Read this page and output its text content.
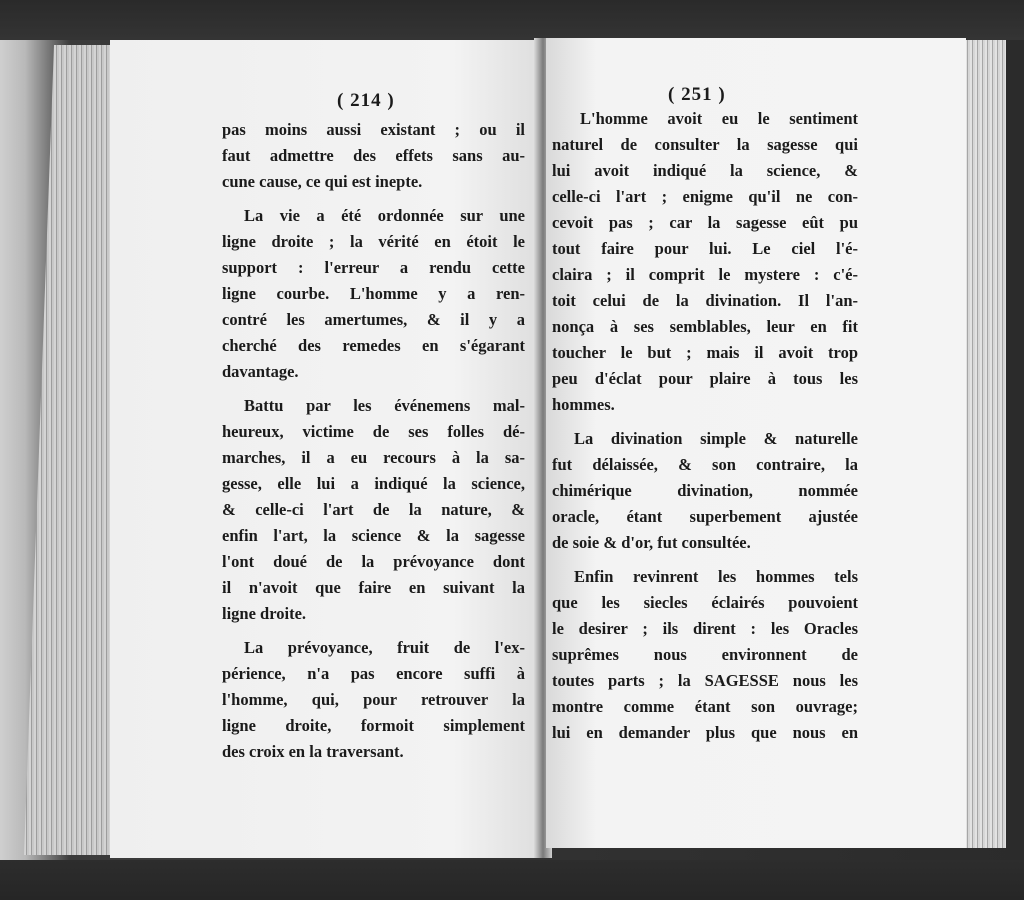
( 214 )
pas moins aussi existant ; ou il
faut admettre des effets sans au-
cune cause, ce qui est inepte.
La vie a été ordonnée sur une
ligne droite ; la vérité en étoit le
support : l'erreur a rendu cette
ligne courbe. L'homme y a ren-
contré les amertumes, & il y a
cherché des remedes en s'égarant
davantage.
Battu par les événemens mal-
heureux, victime de ses folles dé-
marches, il a eu recours à la sa-
gesse, elle lui a indiqué la science,
& celle-ci l'art de la nature, &
enfin l'art, la science & la sagesse
l'ont doué de la prévoyance dont
il n'avoit que faire en suivant la
ligne droite.
La prévoyance, fruit de l'ex-
périence, n'a pas encore suffi à
l'homme, qui, pour retrouver la
ligne droite, formoit simplement
des croix en la traversant.
( 251 )
L'homme avoit eu le sentiment
naturel de consulter la sagesse qui
lui avoit indiqué la science, &
celle-ci l'art ; enigme qu'il ne con-
cevoit pas ; car la sagesse eût pu
tout faire pour lui. Le ciel l'é-
claira ; il comprit le mystere : c'é-
toit celui de la divination. Il l'an-
nonça à ses semblables, leur en fit
toucher le but ; mais il avoit trop
peu d'éclat pour plaire à tous les
hommes.
La divination simple & naturelle
fut délaissée, & son contraire, la
chimérique divination, nommée
oracle, étant superbement ajustée
de soie & d'or, fut consultée.
Enfin revinrent les hommes tels
que les siecles éclairés pouvoient
le desirer ; ils dirent : les Oracles
suprêmes nous environnent de
toutes parts ; la SAGESSE nous les
montre comme étant son ouvrage;
lui en demander plus que nous en
